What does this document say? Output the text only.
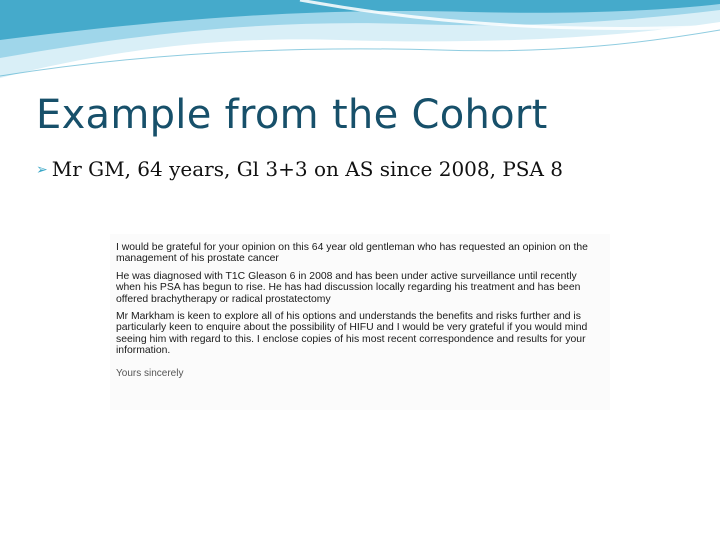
Example from the Cohort
➢ Mr GM, 64 years, Gl 3+3 on AS since 2008, PSA 8

I would be grateful for your opinion on this 64 year old gentleman who has requested an opinion on the management of his prostate cancer

He was diagnosed with T1C Gleason 6 in 2008 and has been under active surveillance until recently when his PSA has begun to rise. He has had discussion locally regarding his treatment and has been offered brachytherapy or radical prostatectomy

Mr Markham is keen to explore all of his options and understands the benefits and risks further and is particularly keen to enquire about the possibility of HIFU and I would be very grateful if you would mind seeing him with regard to this. I enclose copies of his most recent correspondence and results for your information.

Yours sincerely
